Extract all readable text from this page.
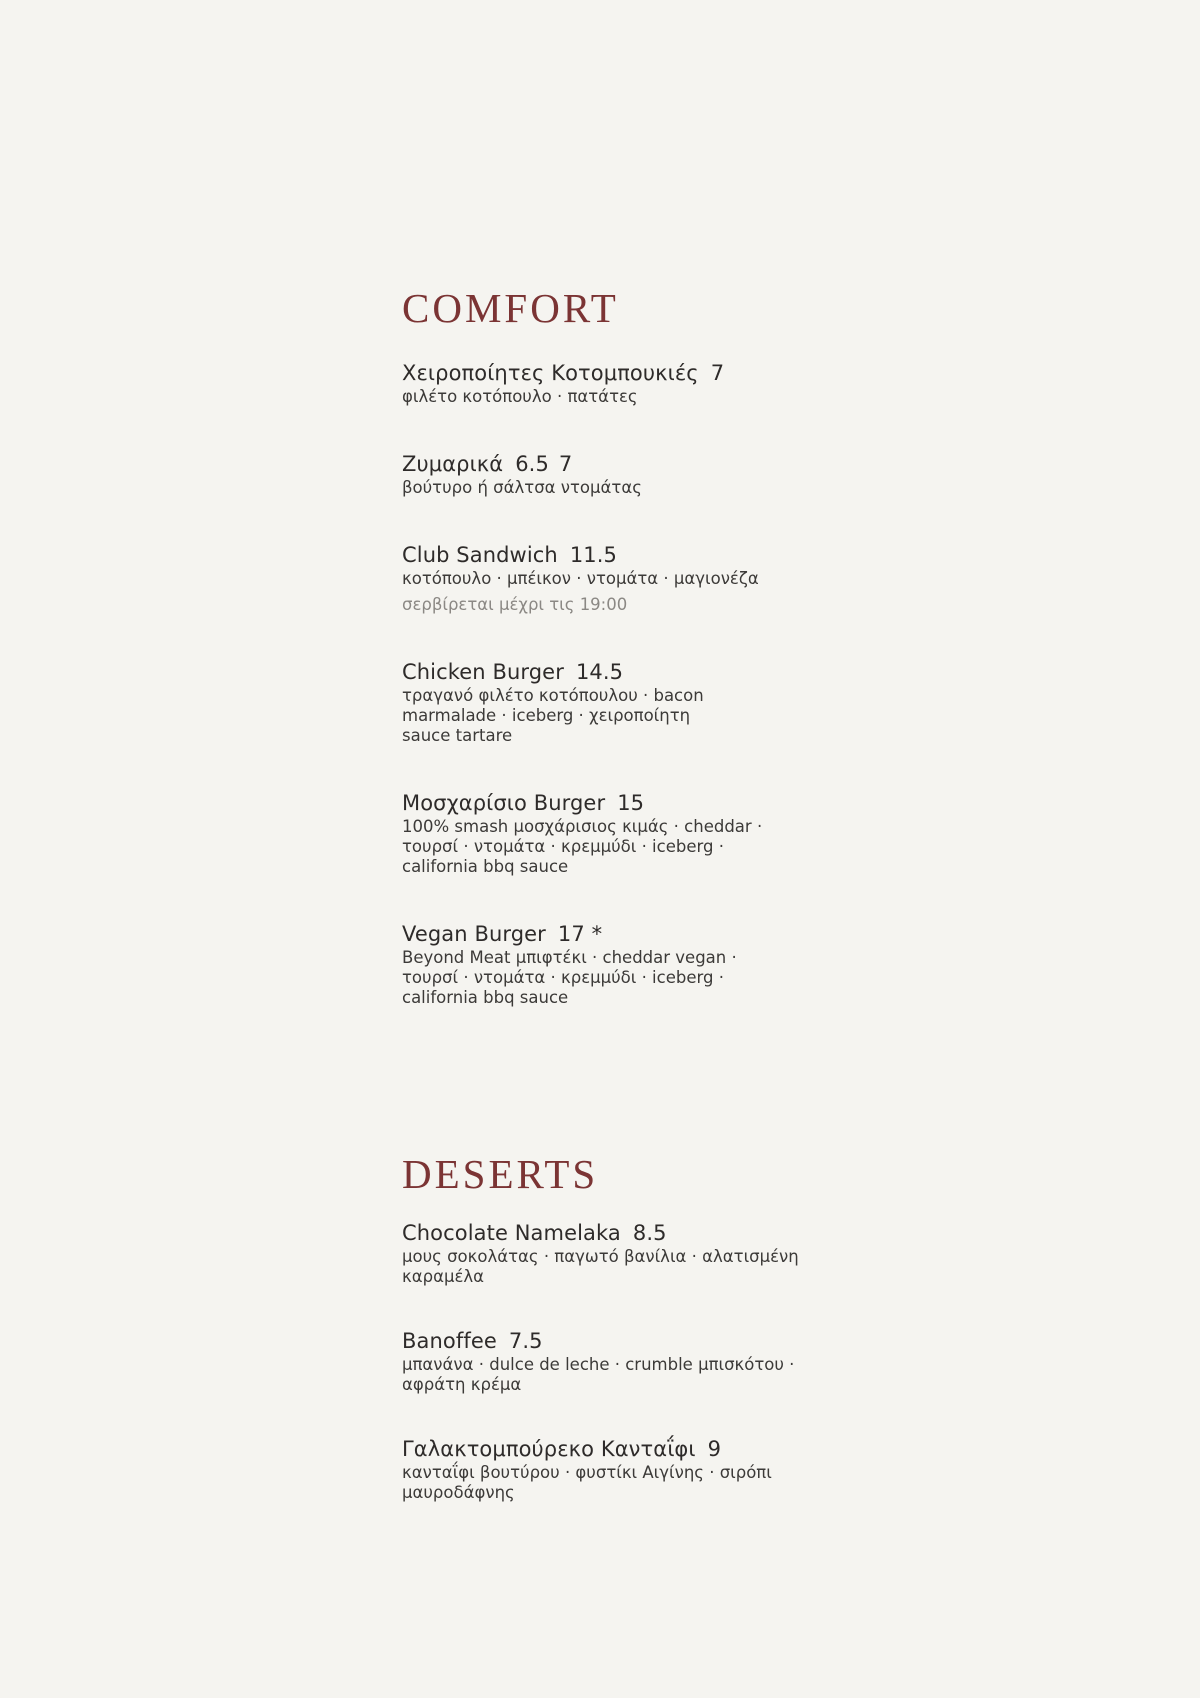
COMFORT
Χειροποίητες Κοτομπουκιές 7
φιλέτο κοτόπουλο · πατάτες
Ζυμαρικά 6.5 7
βούτυρο ή σάλτσα ντομάτας
Club Sandwich 11.5
κοτόπουλο · μπέικον · ντομάτα · μαγιονέζα
σερβίρεται μέχρι τις 19:00
Chicken Burger 14.5
τραγανό φιλέτο κοτόπουλου · bacon
marmalade · iceberg · χειροποίητη
sauce tartare
Μοσχαρίσιο Burger 15
100% smash μοσχάρισιος κιμάς · cheddar ·
τουρσί · ντομάτα · κρεμμύδι · iceberg ·
california bbq sauce
Vegan Burger 17 *
Beyond Meat μπιφτέκι · cheddar vegan ·
τουρσί · ντομάτα · κρεμμύδι · iceberg ·
california bbq sauce
DESERTS
Chocolate Namelaka 8.5
μους σοκολάτας · παγωτό βανίλια · αλατισμένη
καραμέλα
Banoffee 7.5
μπανάνα · dulce de leche · crumble μπισκότου ·
αφράτη κρέμα
Γαλακτομπούρεκο Κανταΐφι 9
κανταΐφι βουτύρου · φυστίκι Αιγίνης · σιρόπι
μαυροδάφνης
